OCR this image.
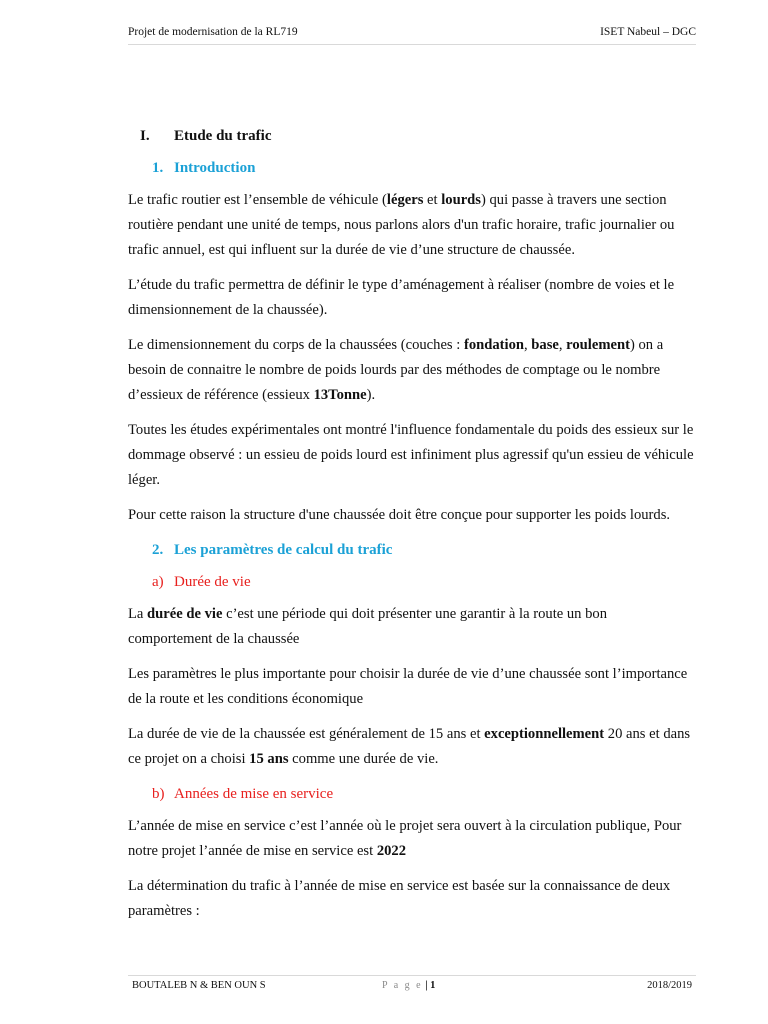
Projet de modernisation de la RL719	ISET Nabeul – DGC
I. Etude du trafic
1. Introduction

Le trafic routier est l’ensemble de véhicule (légers et lourds) qui passe à travers une section routière pendant une unité de temps, nous parlons alors d'un trafic horaire, trafic journalier ou trafic annuel, est qui influent sur la durée de vie d’une structure de chaussée.

L’étude du trafic permettra de définir le type d’aménagement à réaliser (nombre de voies et le dimensionnement de la chaussée).

Le dimensionnement du corps de la chaussées (couches : fondation, base, roulement) on a besoin de connaitre le nombre de poids lourds par des méthodes de comptage ou le nombre d’essieux de référence (essieux 13Tonne).

Toutes les études expérimentales ont montré l'influence fondamentale du poids des essieux sur le dommage observé : un essieu de poids lourd est infiniment plus agressif qu'un essieu de véhicule léger.

Pour cette raison la structure d'une chaussée doit être conçue pour supporter les poids lourds.

2. Les paramètres de calcul du trafic
a) Durée de vie

La durée de vie c’est une période qui doit présenter une garantir à la route un bon comportement de la chaussée

Les paramètres le plus importante pour choisir la durée de vie d’une chaussée sont l’importance de la route et les conditions économique

La durée de vie de la chaussée est généralement de 15 ans et exceptionnellement 20 ans et dans ce projet on a choisi 15 ans comme une durée de vie.

b) Années de mise en service

L’année de mise en service c’est l’année où le projet sera ouvert à la circulation publique, Pour notre projet l’année de mise en service est 2022

La détermination du trafic à l’année de mise en service est basée sur la connaissance de deux paramètres :

BOUTALEB N & BEN OUN S	P a g e | 1	2018/2019
